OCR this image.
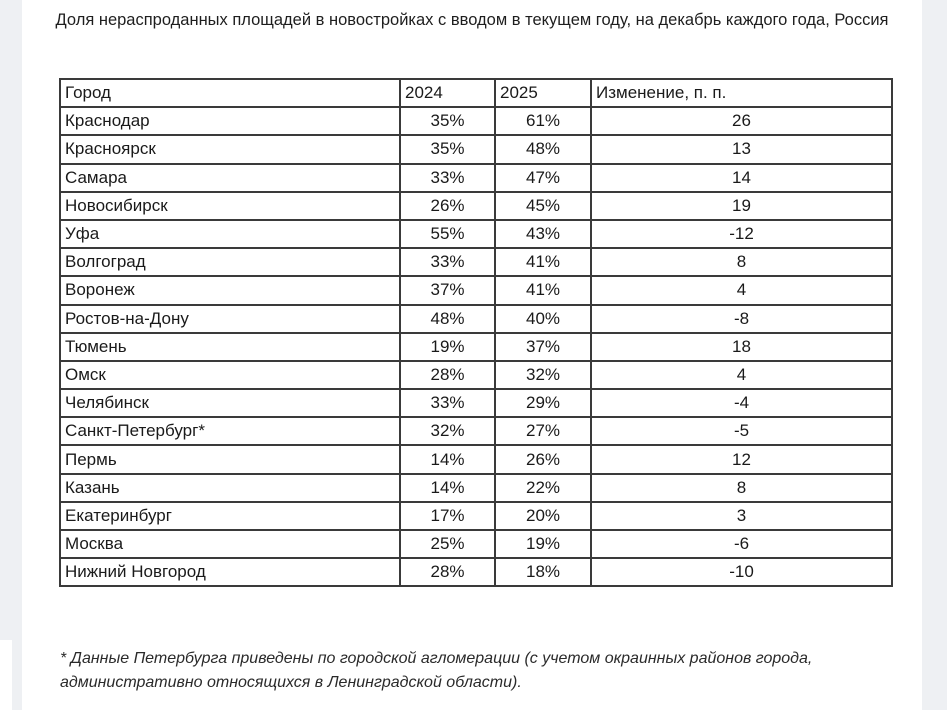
Доля нераспроданных площадей в новостройках с вводом в текущем году, на декабрь каждого года, Россия
Город	2024	2025	Изменение, п. п.
Краснодар	35%	61%	26
Красноярск	35%	48%	13
Самара	33%	47%	14
Новосибирск	26%	45%	19
Уфа	55%	43%	-12
Волгоград	33%	41%	8
Воронеж	37%	41%	4
Ростов-на-Дону	48%	40%	-8
Тюмень	19%	37%	18
Омск	28%	32%	4
Челябинск	33%	29%	-4
Санкт-Петербург*	32%	27%	-5
Пермь	14%	26%	12
Казань	14%	22%	8
Екатеринбург	17%	20%	3
Москва	25%	19%	-6
Нижний Новгород	28%	18%	-10
* Данные Петербурга приведены по городской агломерации (с учетом окраинных районов города, административно относящихся в Ленинградской области).
